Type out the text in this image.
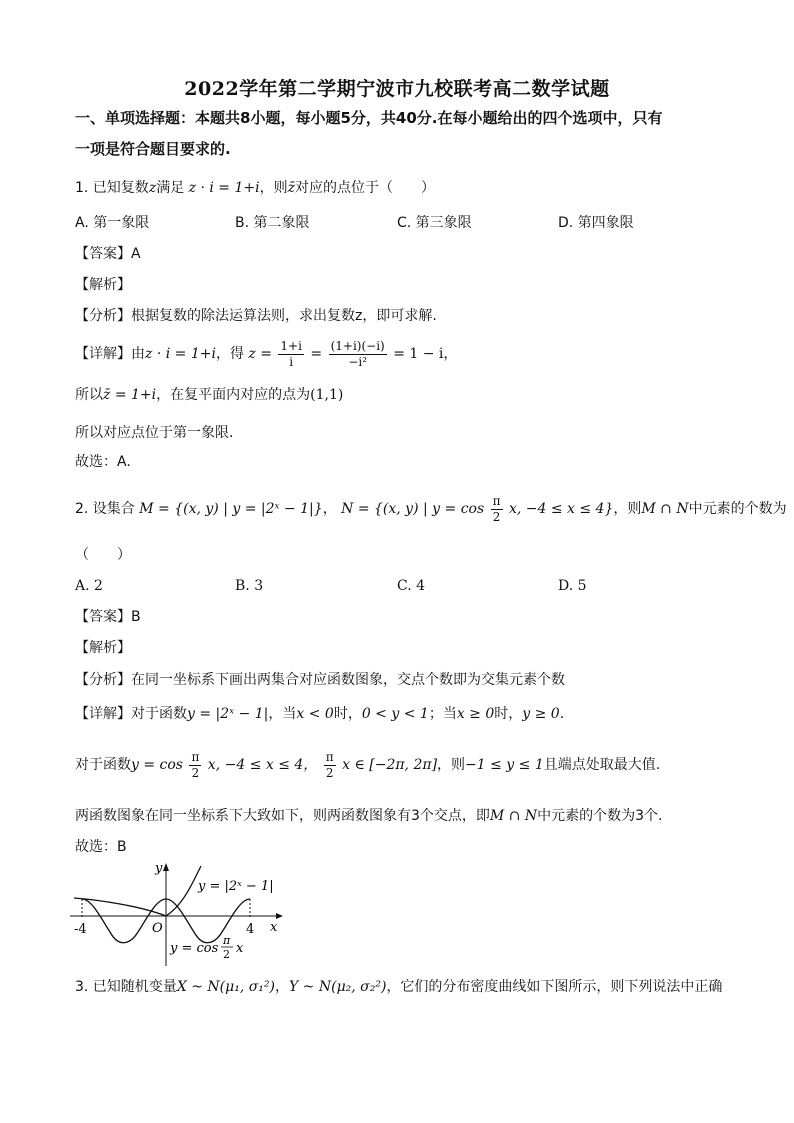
2022学年第二学期宁波市九校联考高二数学试题
一、单项选择题：本题共8小题，每小题5分，共40分.在每小题给出的四个选项中，只有
一项是符合题目要求的.
1. 已知复数z满足 z · i = 1+i，则z̄对应的点位于（　　）
A. 第一象限	B. 第二象限	C. 第三象限	D. 第四象限
【答案】A
【解析】
【分析】根据复数的除法运算法则，求出复数z，即可求解.
【详解】由z · i = 1+i，得 $z = \frac{1+i}{i} = \frac{(1+i)(-i)}{\text{−i²}} = 1 - i$，
所以z̄ = 1+i，在复平面内对应的点为(1,1)
所以对应点位于第一象限.
故选：A.
2. 设集合 M = {(x, y) | y = |2ˣ − 1|}， N = {(x, y) | $y = \cos \frac{\pi}{2} x$, −4 ≤ x ≤ 4}，则M ∩ N中元素的个数为
（　　）
A. 2	B. 3	C. 4	D. 5
【答案】B
【解析】
【分析】在同一坐标系下画出两集合对应函数图象，交点个数即为交集元素个数
【详解】对于函数y = |2ˣ − 1|，当x < 0时，0 < y < 1；当x ≥ 0时，y ≥ 0.
对于函数$y = \cos \frac{\pi}{2} x$, −4 ≤ x ≤ 4， $\frac{\pi}{2}$ x ∈ [−2π, 2π]，则−1 ≤ y ≤ 1且端点处取最大值.
两函数图象在同一坐标系下大致如下，则两函数图象有3个交点，即M ∩ N中元素的个数为3个.
故选：B
y
x
O
-4	4
y = |2ˣ − 1|
y = cos
π
2 x
3. 已知随机变量X ~ N(μ₁, σ₁²)，Y ~ N(μ₂, σ₂²)，它们的分布密度曲线如下图所示，则下列说法中正确
